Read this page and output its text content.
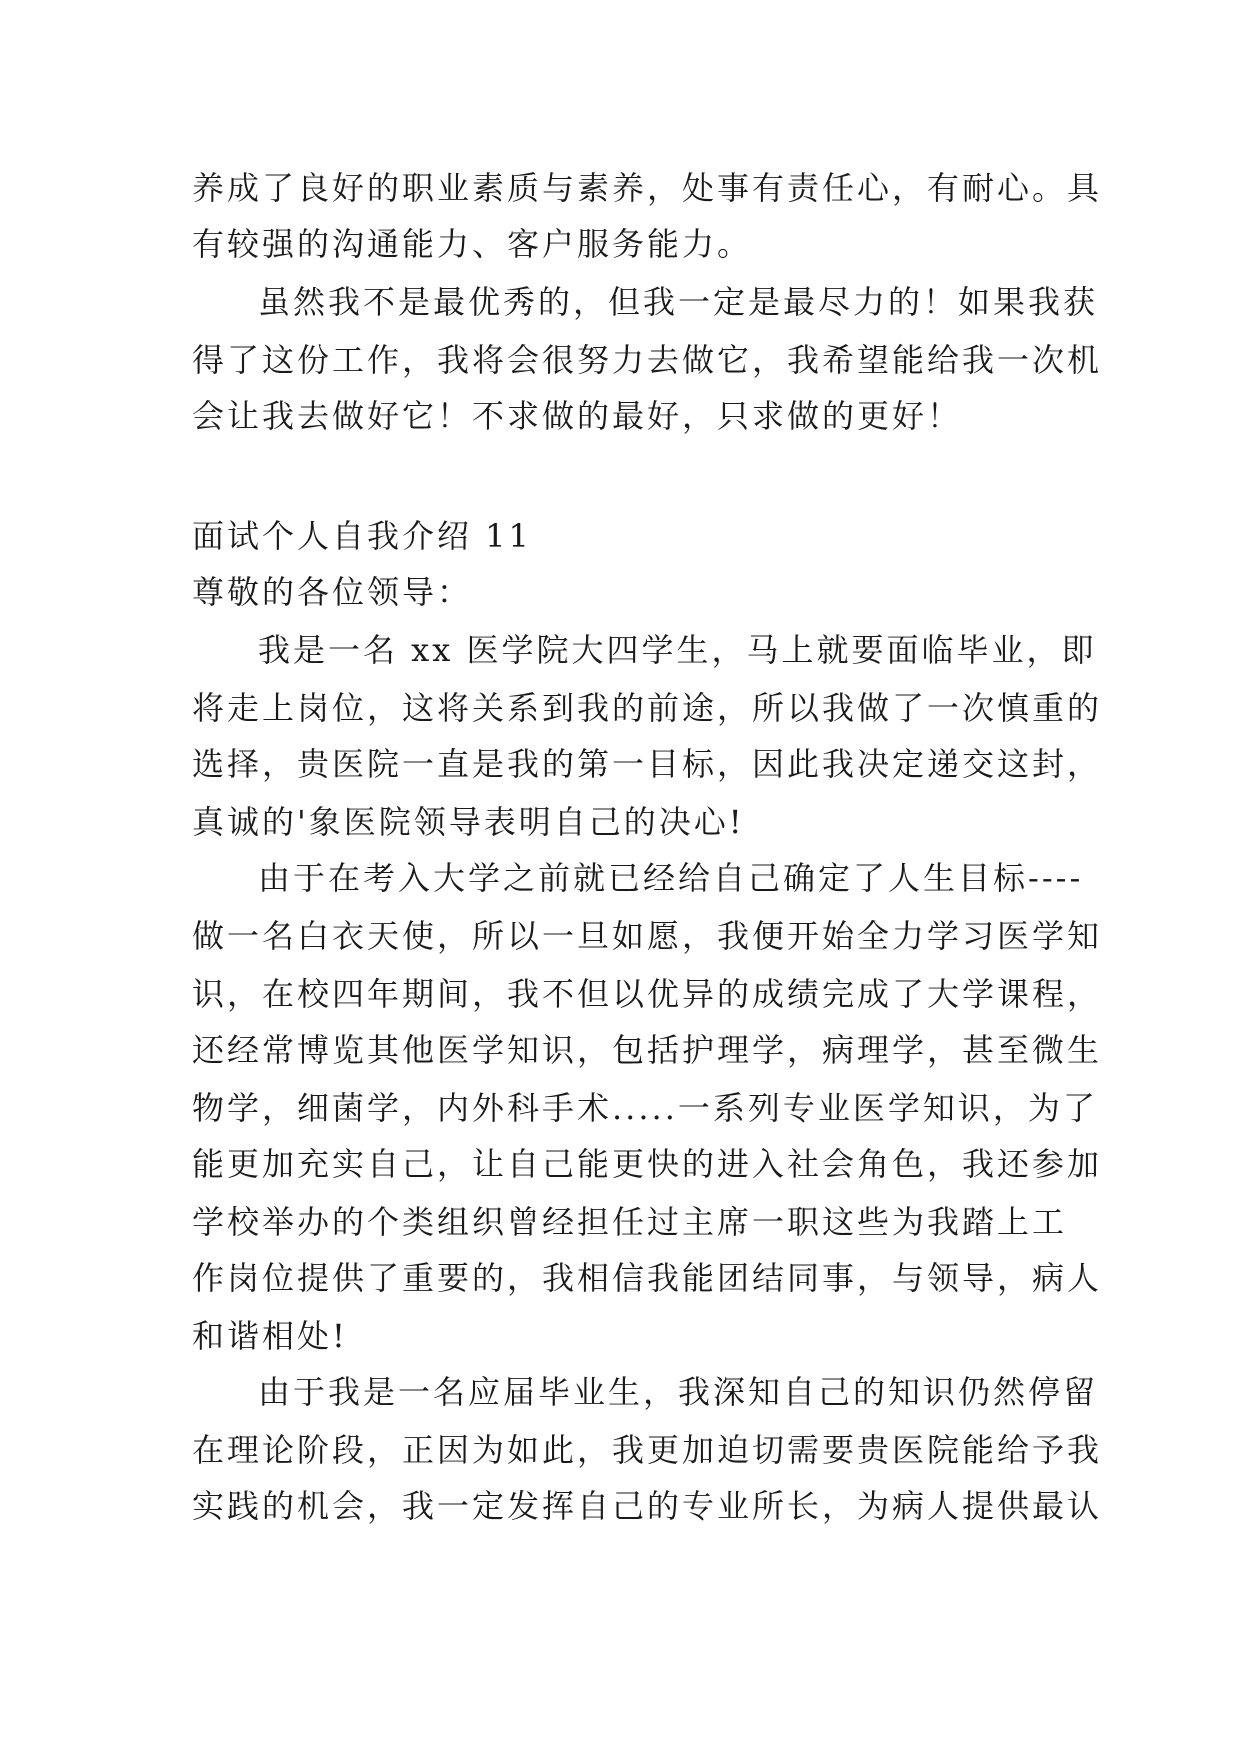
养成了良好的职业素质与素养，处事有责任心，有耐心。具
有较强的沟通能力、客户服务能力。
虽然我不是最优秀的，但我一定是最尽力的！如果我获
得了这份工作，我将会很努力去做它，我希望能给我一次机
会让我去做好它！不求做的最好，只求做的更好！
面试个人自我介绍 11
尊敬的各位领导：
我是一名 xx 医学院大四学生，马上就要面临毕业，即
将走上岗位，这将关系到我的前途，所以我做了一次慎重的
选择，贵医院一直是我的第一目标，因此我决定递交这封，
真诚的'象医院领导表明自己的决心!
由于在考入大学之前就已经给自己确定了人生目标----
做一名白衣天使，所以一旦如愿，我便开始全力学习医学知
识，在校四年期间，我不但以优异的成绩完成了大学课程，
还经常博览其他医学知识，包括护理学，病理学，甚至微生
物学，细菌学，内外科手术.....一系列专业医学知识，为了
能更加充实自己，让自己能更快的进入社会角色，我还参加
学校举办的个类组织曾经担任过主席一职这些为我踏上工
作岗位提供了重要的，我相信我能团结同事，与领导，病人
和谐相处!
由于我是一名应届毕业生，我深知自己的知识仍然停留
在理论阶段，正因为如此，我更加迫切需要贵医院能给予我
实践的机会，我一定发挥自己的专业所长，为病人提供最认
